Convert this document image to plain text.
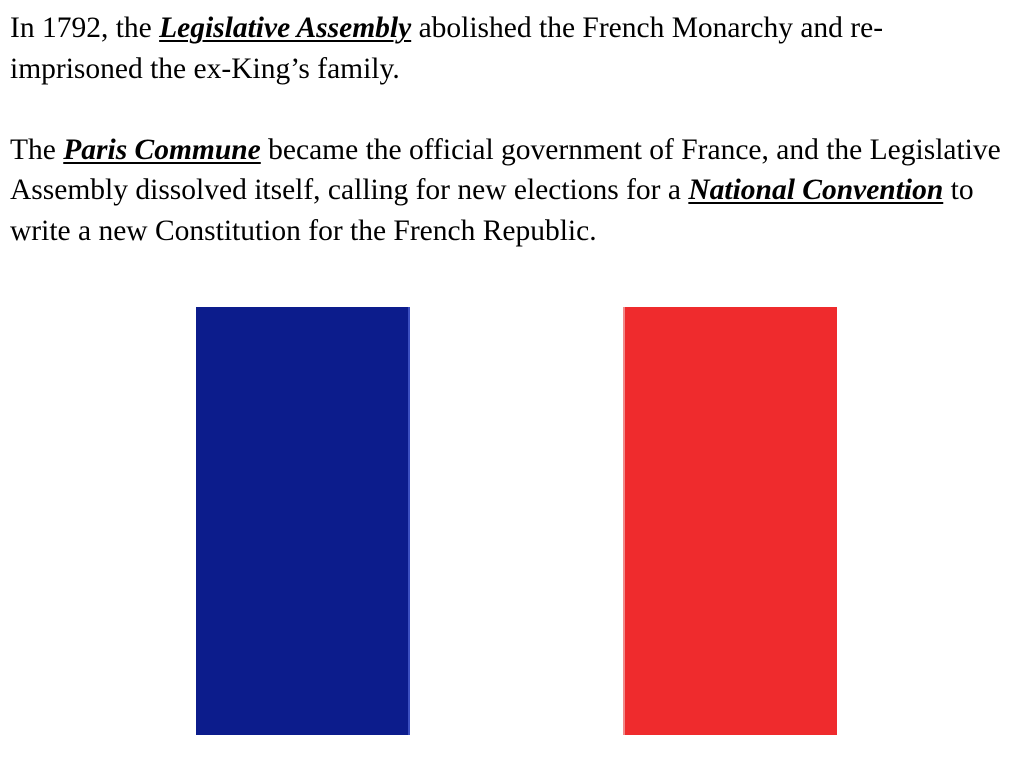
In 1792, the Legislative Assembly abolished the French Monarchy and re-imprisoned the ex-King’s family.

The Paris Commune became the official government of France, and the Legislative Assembly dissolved itself, calling for new elections for a National Convention to write a new Constitution for the French Republic.
